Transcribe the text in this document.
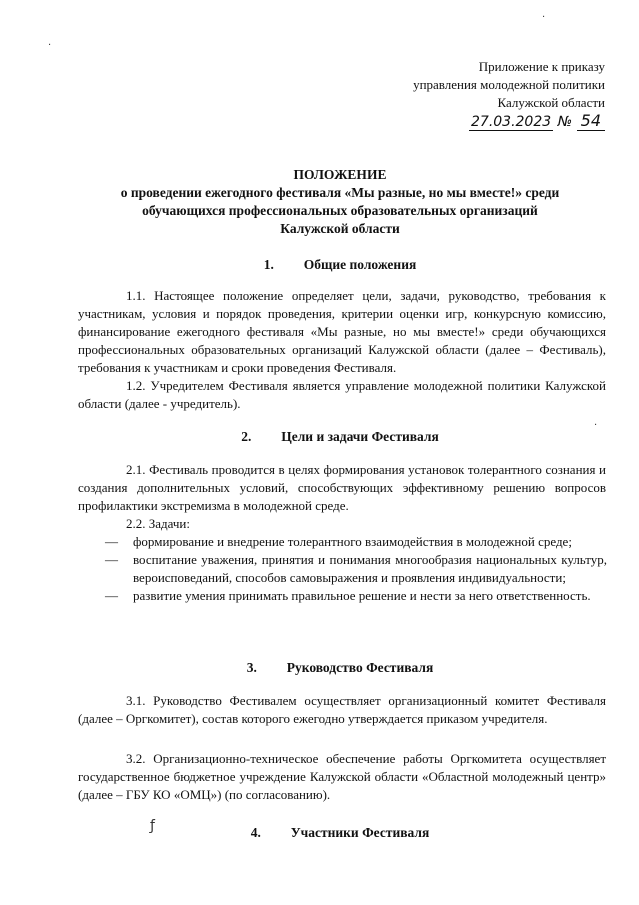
·
·
·
ƒ
Приложение к приказу
управления молодежной политики
Калужской области
27.03.2023 № 54
ПОЛОЖЕНИЕ
о проведении ежегодного фестиваля «Мы разные, но мы вместе!» среди
обучающихся профессиональных образовательных организаций
Калужской области
1. Общие положения
1.1. Настоящее положение определяет цели, задачи, руководство, требования к участникам, условия и порядок проведения, критерии оценки игр, конкурсную комиссию, финансирование ежегодного фестиваля «Мы разные, но мы вместе!» среди обучающихся профессиональных образовательных организаций Калужской области (далее – Фестиваль), требования к участникам и сроки проведения Фестиваля.
1.2. Учредителем Фестиваля является управление молодежной политики Калужской области (далее - учредитель).
2. Цели и задачи Фестиваля
2.1. Фестиваль проводится в целях формирования установок толерантного сознания и создания дополнительных условий, способствующих эффективному решению вопросов профилактики экстремизма в молодежной среде.
2.2. Задачи:
— формирование и внедрение толерантного взаимодействия в молодежной среде;
— воспитание уважения, принятия и понимания многообразия национальных культур, вероисповеданий, способов самовыражения и проявления индивидуальности;
— развитие умения принимать правильное решение и нести за него ответственность.
3. Руководство Фестиваля
3.1. Руководство Фестивалем осуществляет организационный комитет Фестиваля (далее – Оргкомитет), состав которого ежегодно утверждается приказом учредителя.
3.2. Организационно-техническое обеспечение работы Оргкомитета осуществляет государственное бюджетное учреждение Калужской области «Областной молодежный центр» (далее – ГБУ КО «ОМЦ») (по согласованию).
4. Участники Фестиваля
